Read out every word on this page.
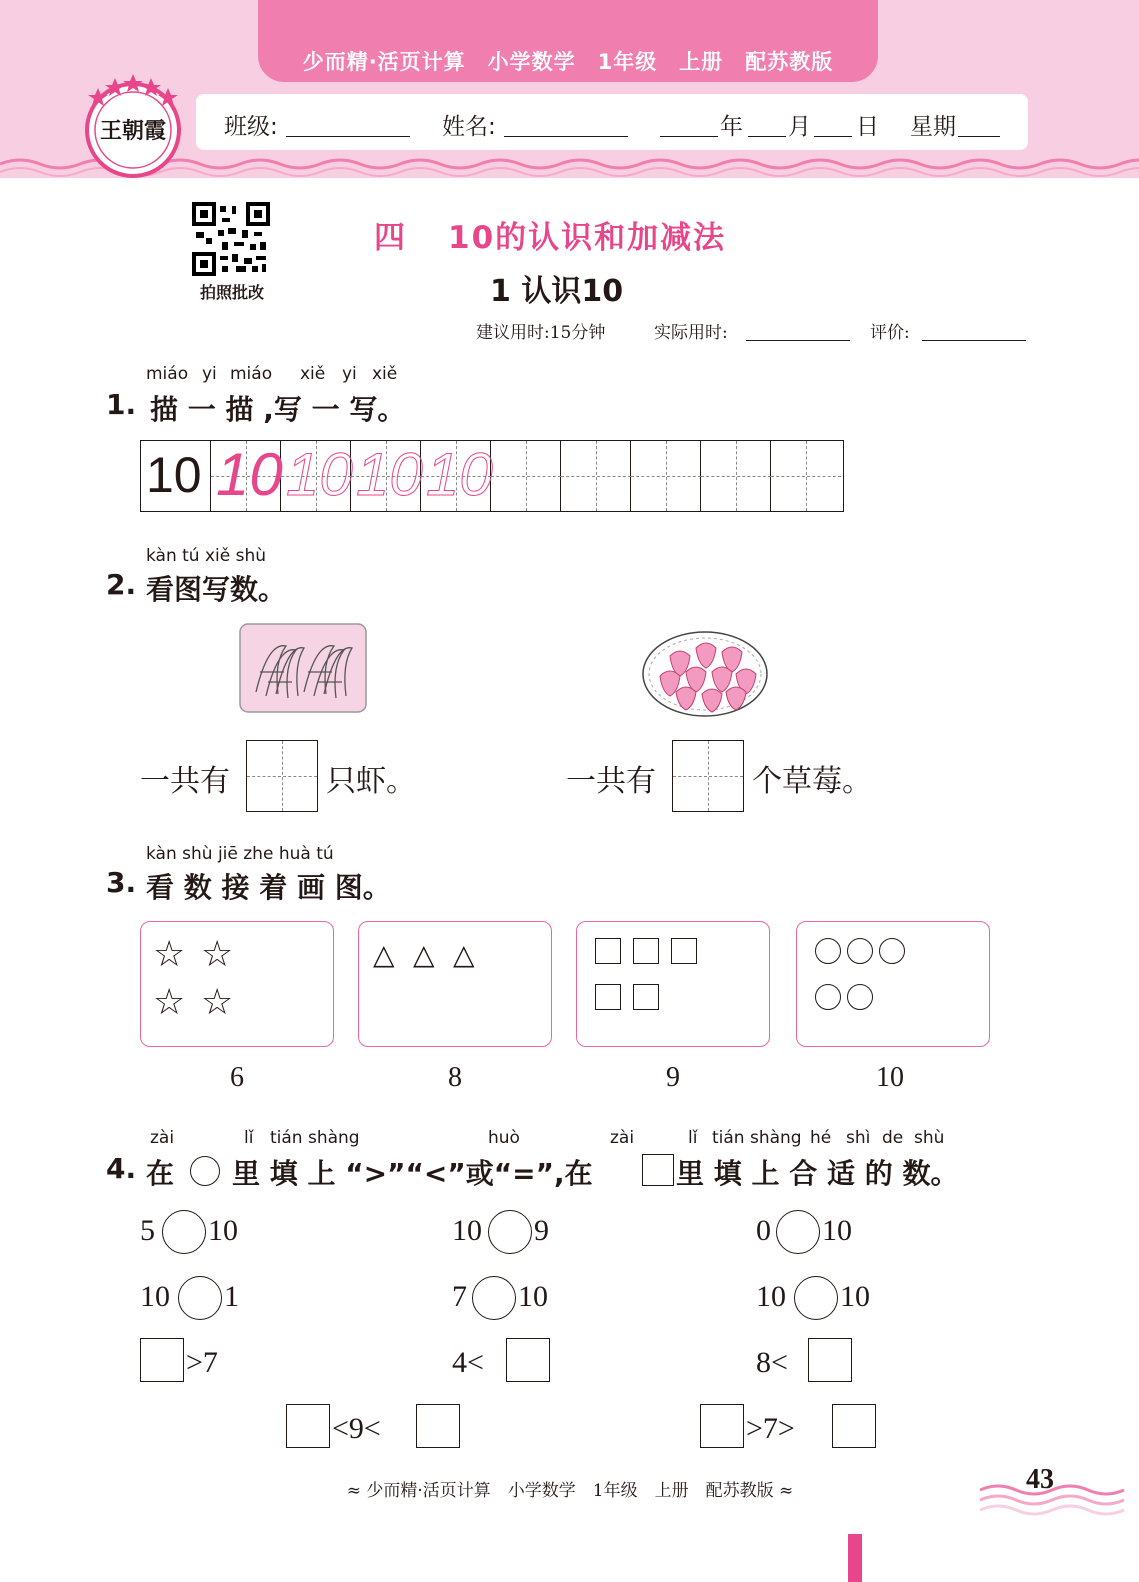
少而精·活页计算　小学数学　1年级　上册　配苏教版
班级:	姓名:	年 月 日 星期
王朝霞
拍照批改
四 10的认识和加减法
1 认识10
建议用时:15分钟	实际用时:	评价:
miáo yi miáo xiě yi xiě
1. 描 一 描 ,写 一 写。
10 10 10 10 10
kàn tú xiě shù
2. 看图写数。
一共有	只虾。	一共有	个草莓。
kàn shù jiē zhe huà tú
3. 看 数 接 着 画 图。
☆ ☆
☆ ☆
△ △ △
6	8	9	10
zài	lǐ tián shàng	huò	zài	lǐ tián shàng hé shì de shù
4. 在 里 填 上 “>”“<”或“=”,在	里 填 上 合 适 的 数。
5 10	10 9	0 10
10 1	7 10	10 10
>7	4<	8<
<9<	>7>
≈ 少而精·活页计算　小学数学　1年级　上册　配苏教版 ≈	43
